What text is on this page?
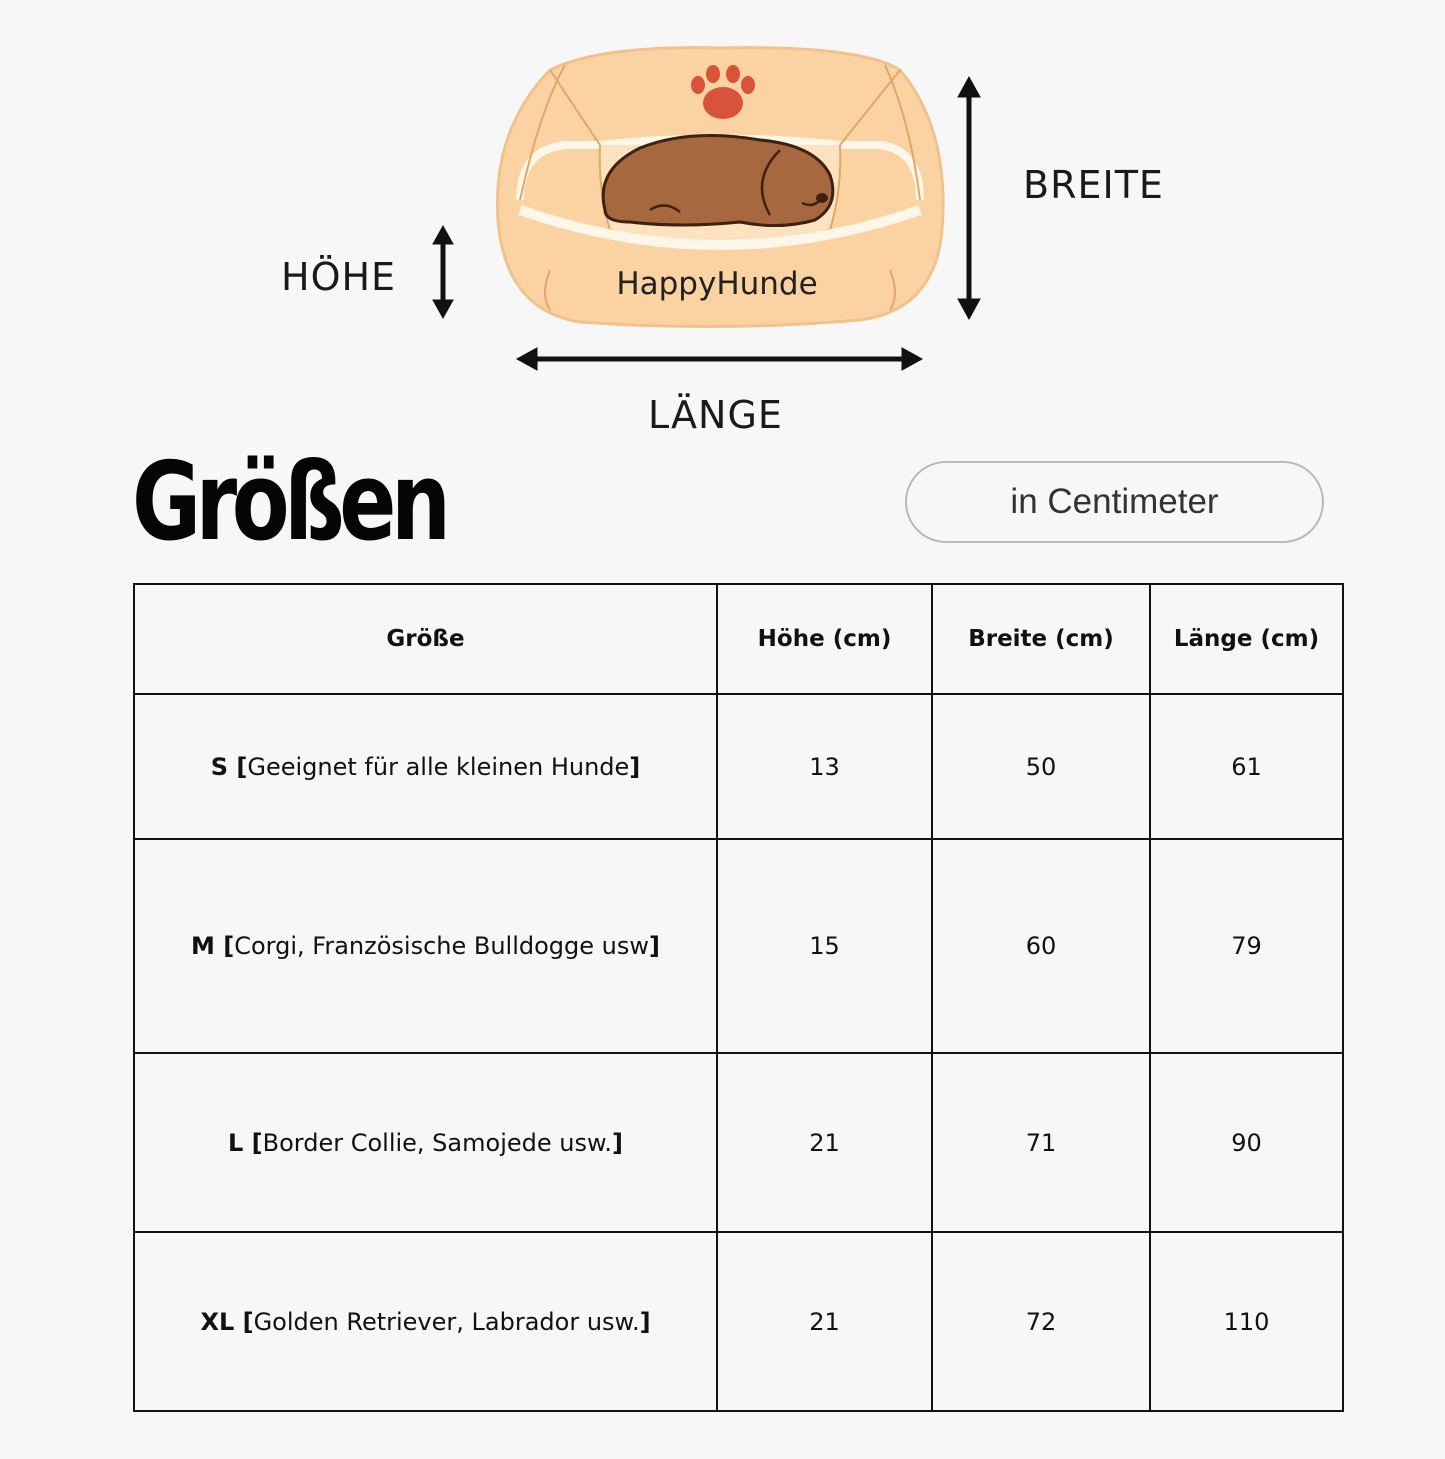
HappyHunde
HÖHE
BREITE
LÄNGE
Größen	in Centimeter
Größe	Höhe (cm)	Breite (cm)	Länge (cm)
S [Geeignet für alle kleinen Hunde]	13	50	61
M [Corgi, Französische Bulldogge usw]	15	60	79
L [Border Collie, Samojede usw.]	21	71	90
XL [Golden Retriever, Labrador usw.]	21	72	110
